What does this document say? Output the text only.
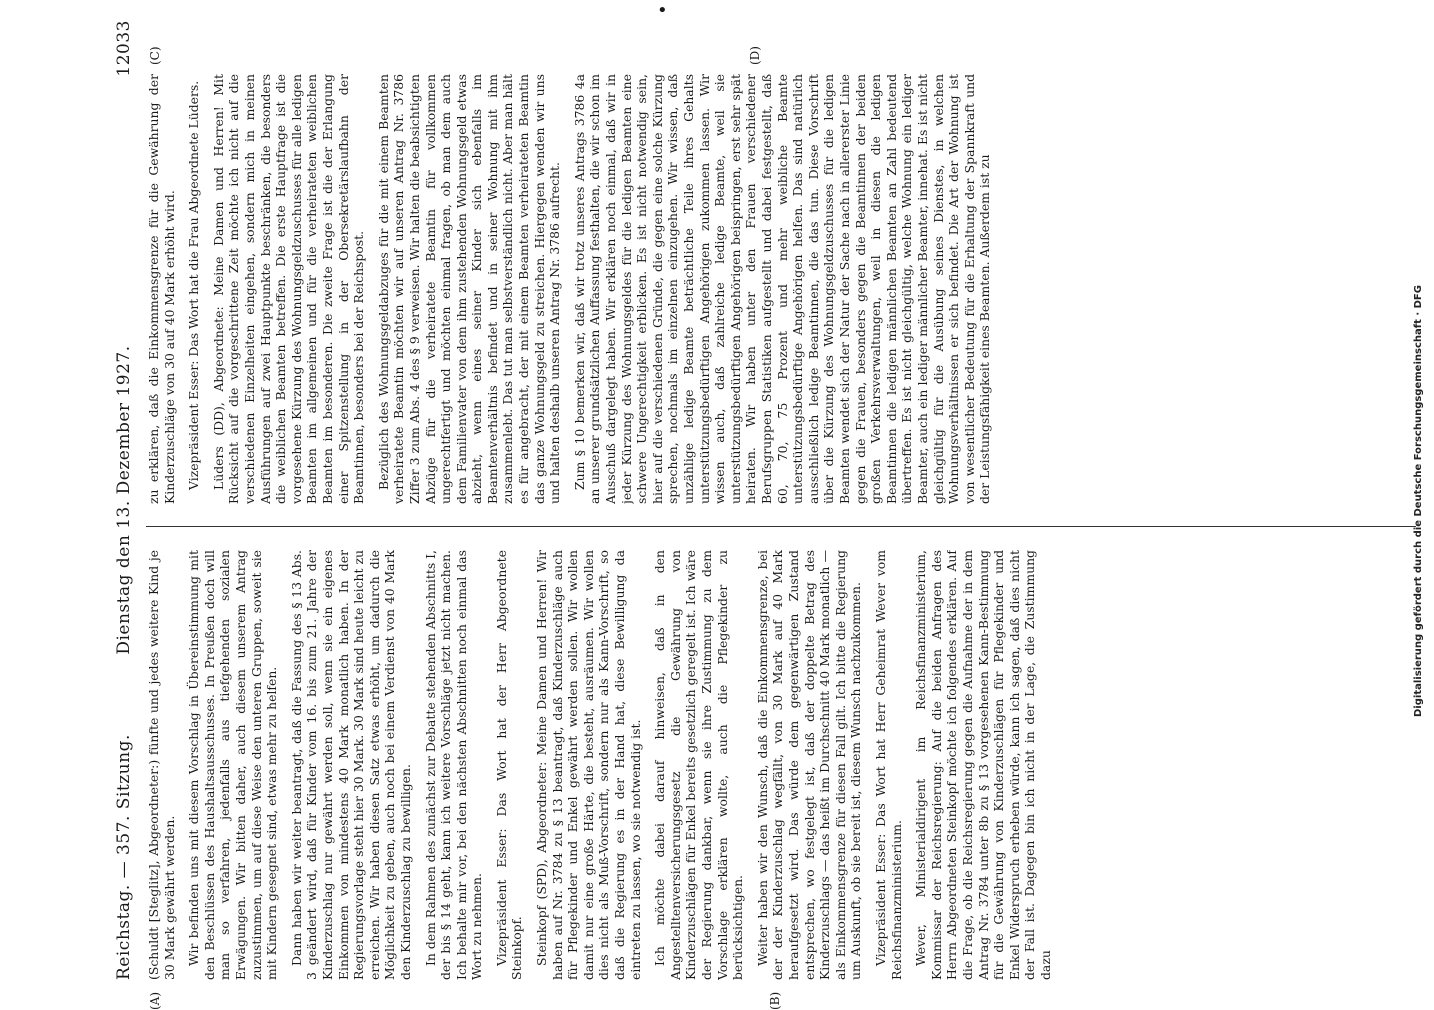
•
Reichstag. — 357. Sitzung.
Dienstag den 13. Dezember 1927.
12033

(Schuldt [Steglitz], Abgeordneter:) fünfte und jedes weitere Kind je 30 Mark gewährt werden. Wir befinden uns mit diesem Vorschlag in Übereinstimmung mit den Beschlüssen des Haushaltsausschusses. In Preußen doch will man so verfahren, jedenfalls aus tiefgehenden sozialen Erwägungen. Wir bitten daher, auch diesem unserem Antrag zuzustimmen, um auf diese Weise den unteren Gruppen, soweit sie mit Kindern gesegnet sind, etwas mehr zu helfen. Dann haben wir weiter beantragt, daß die Fassung des § 13 Abs. 3 geändert wird, daß für Kinder vom 16. bis zum 21. Jahre der Kinderzuschlag nur gewährt werden soll, wenn sie ein eigenes Einkommen von mindestens 40 Mark monatlich haben. In der Regierungsvorlage steht hier 30 Mark. 30 Mark sind heute leicht zu erreichen. Wir haben diesen Satz etwas erhöht, um dadurch die Möglichkeit zu geben, auch noch bei einem Verdienst von 40 Mark den Kinderzuschlag zu bewilligen. In dem Rahmen des zunächst zur Debatte stehenden Abschnitts I, der bis § 14 geht, kann ich weitere Vorschläge jetzt nicht machen. Ich behalte mir vor, bei den nächsten Abschnitten noch einmal das Wort zu nehmen. Vizepräsident Esser: Das Wort hat der Herr Abgeordnete Steinkopf. Steinkopf (SPD), Abgeordneter: Meine Damen und Herren! Wir haben auf Nr. 3784 zu § 13 beantragt, daß Kinderzuschläge auch für Pflegekinder und Enkel gewährt werden sollen. Wir wollen damit nur eine große Härte, die besteht, ausräumen. Wir wollen dies nicht als Muß-Vorschrift, sondern nur als Kann-Vorschrift, so daß die Regierung es in der Hand hat, diese Bewilligung da eintreten zu lassen, wo sie notwendig ist. Ich möchte dabei darauf hinweisen, daß in den Angestelltenversicherungsgesetz die Gewährung von Kinderzuschlägen für Enkel bereits gesetzlich geregelt ist. Ich wäre der Regierung dankbar, wenn sie ihre Zustimmung zu dem Vorschlage erklären wollte, auch die Pflegekinder zu berücksichtigen. Weiter haben wir den Wunsch, daß die Einkommensgrenze, bei der der Kinderzuschlag wegfällt, von 30 Mark auf 40 Mark heraufgesetzt wird. Das würde dem gegenwärtigen Zustand entsprechen, wo festgelegt ist, daß der doppelte Betrag des Kinderzuschlags — das heißt im Durchschnitt 40 Mark monatlich — als Einkommensgrenze für diesen Fall gilt. Ich bitte die Regierung um Auskunft, ob sie bereit ist, diesem Wunsch nachzukommen. Vizepräsident Esser: Das Wort hat Herr Geheimrat Wever vom Reichsfinanzministerium. Wever, Ministerialdirigent im Reichsfinanzministerium, Kommissar der Reichsregierung: Auf die beiden Anfragen des Herrn Abgeordneten Steinkopf möchte ich folgendes erklären. Auf die Frage, ob die Reichsregierung gegen die Aufnahme der in dem Antrag Nr. 3784 unter 8b zu § 13 vorgesehenen Kann-Bestimmung für die Gewährung von Kinderzuschlägen für Pflegekinder und Enkel Widerspruch erheben würde, kann ich sagen, daß dies nicht der Fall ist. Dagegen bin ich nicht in der Lage, die Zustimmung dazu

zu erklären, daß die Einkommensgrenze für die Gewährung der Kinderzuschläge von 30 auf 40 Mark erhöht wird. Vizepräsident Esser: Das Wort hat die Frau Abgeordnete Lüders. Lüders (DD), Abgeordnete: Meine Damen und Herren! Mit Rücksicht auf die vorgeschrittene Zeit möchte ich nicht auf die verschiedenen Einzelheiten eingehen, sondern mich in meinen Ausführungen auf zwei Hauptpunkte beschränken, die besonders die weiblichen Beamten betreffen. Die erste Hauptfrage ist die vorgesehene Kürzung des Wohnungsgeldzuschusses für alle ledigen Beamten im allgemeinen und für die verheirateten weiblichen Beamten im besonderen. Die zweite Frage ist die der Erlangung einer Spitzenstellung in der Obersekretärslaufbahn der Beamtinnen, besonders bei der Reichspost. Bezüglich des Wohnungsgeldabzuges für die mit einem Beamten verheiratete Beamtin möchten wir auf unseren Antrag Nr. 3786 Ziffer 3 zum Abs. 4 des § 9 verweisen. Wir halten die beabsichtigten Abzüge für die verheiratete Beamtin für vollkommen ungerechtfertigt und möchten einmal fragen, ob man dem auch dem Familienvater von dem ihm zustehenden Wohnungsgeld etwas abzieht, wenn eines seiner Kinder sich ebenfalls im Beamtenverhältnis befindet und in seiner Wohnung mit ihm zusammenlebt. Das tut man selbstverständlich nicht. Aber man hält es für angebracht, der mit einem Beamten verheirateten Beamtin das ganze Wohnungsgeld zu streichen. Hiergegen wenden wir uns und halten deshalb unseren Antrag Nr. 3786 aufrecht. Zum § 10 bemerken wir, daß wir trotz unseres Antrags 3786 4a an unserer grundsätzlichen Auffassung festhalten, die wir schon im Ausschuß dargelegt haben. Wir erklären noch einmal, daß wir in jeder Kürzung des Wohnungsgeldes für die ledigen Beamten eine schwere Ungerechtigkeit erblicken. Es ist nicht notwendig sein, hier auf die verschiedenen Gründe, die gegen eine solche Kürzung sprechen, nochmals im einzelnen einzugehen. Wir wissen, daß unzählige ledige Beamte beträchtliche Teile ihres Gehalts unterstützungsbedürftigen Angehörigen zukommen lassen. Wir wissen auch, daß zahlreiche ledige Beamte, weil sie unterstützungsbedürftigen Angehörigen beispringen, erst sehr spät heiraten. Wir haben unter den Frauen verschiedener Berufsgruppen Statistiken aufgestellt und dabei festgestellt, daß 60, 70, 75 Prozent und mehr weibliche Beamte unterstützungsbedürftige Angehörigen helfen. Das sind natürlich ausschließlich ledige Beamtinnen, die das tun. Diese Vorschrift über die Kürzung des Wohnungsgeldzuschusses für die ledigen Beamten wendet sich der Natur der Sache nach in allererster Linie gegen die Frauen, besonders gegen die Beamtinnen der beiden großen Verkehrsverwaltungen, weil in diesen die ledigen Beamtinnen die ledigen männlichen Beamten an Zahl bedeutend übertreffen. Es ist nicht gleichgültig, welche Wohnung ein lediger Beamter, auch ein lediger männlicher Beamter, innehat. Es ist nicht gleichgültig für die Ausübung seines Dienstes, in welchen Wohnungsverhältnissen er sich befindet. Die Art der Wohnung ist von wesentlicher Bedeutung für die Erhaltung der Spannkraft und der Leistungsfähigkeit eines Beamten. Außerdem ist zu

(A)	(B)
(C)	(D)
Digitalisierung gefördert durch die Deutsche Forschungsgemeinschaft · DFG
